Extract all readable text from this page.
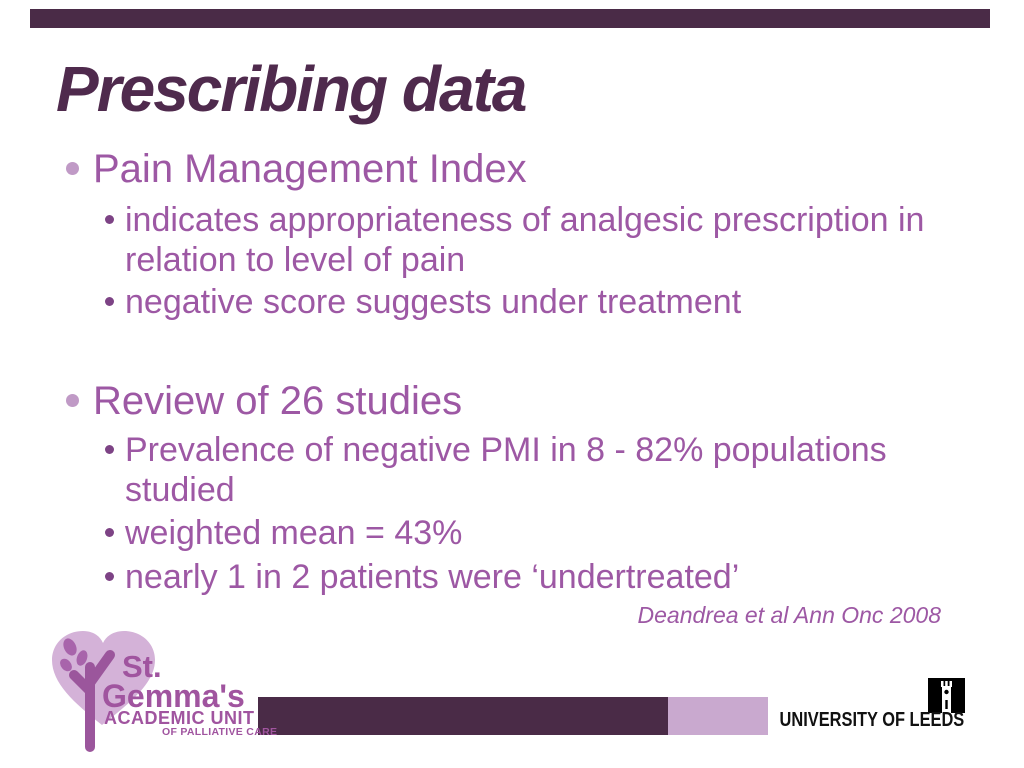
Prescribing data
Pain Management Index
indicates appropriateness of analgesic prescription in relation to level of pain
negative score suggests under treatment
Review of 26 studies
Prevalence of negative PMI in 8 - 82% populations studied
weighted mean = 43%
nearly 1 in 2 patients were ‘undertreated’
Deandrea et al Ann Onc 2008
St.
Gemma's
ACADEMIC UNIT
OF PALLIATIVE CARE
UNIVERSITY OF LEEDS
